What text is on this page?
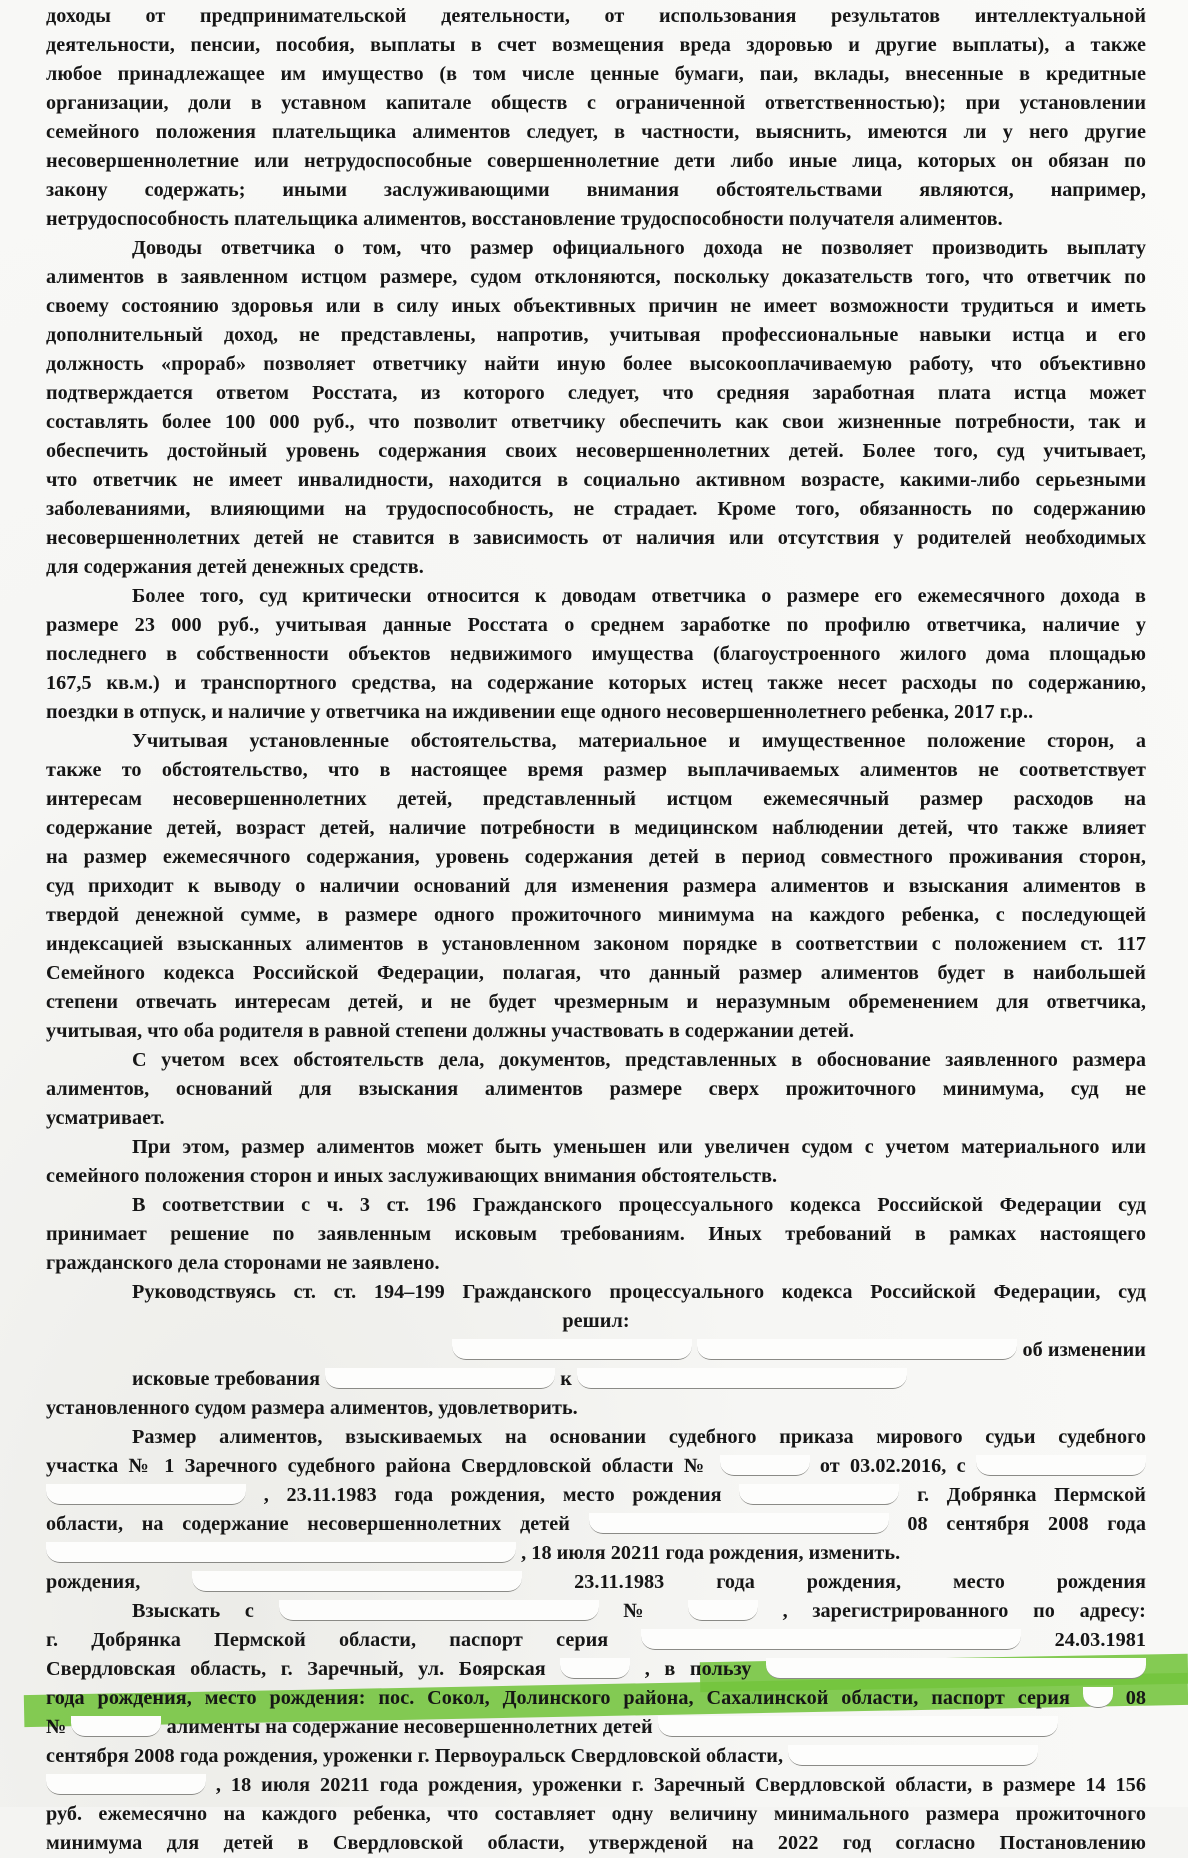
доходы от предпринимательской деятельности, от использования результатов интеллектуальной
деятельности, пенсии, пособия, выплаты в счет возмещения вреда здоровью и другие выплаты), а также
любое принадлежащее им имущество (в том числе ценные бумаги, паи, вклады, внесенные в кредитные
организации, доли в уставном капитале обществ с ограниченной ответственностью); при установлении
семейного положения плательщика алиментов следует, в частности, выяснить, имеются ли у него другие
несовершеннолетние или нетрудоспособные совершеннолетние дети либо иные лица, которых он обязан по
закону содержать; иными заслуживающими внимания обстоятельствами являются, например,
нетрудоспособность плательщика алиментов, восстановление трудоспособности получателя алиментов.
Доводы ответчика о том, что размер официального дохода не позволяет производить выплату
алиментов в заявленном истцом размере, судом отклоняются, поскольку доказательств того, что ответчик по
своему состоянию здоровья или в силу иных объективных причин не имеет возможности трудиться и иметь
дополнительный доход, не представлены, напротив, учитывая профессиональные навыки истца и его
должность «прораб» позволяет ответчику найти иную более высокооплачиваемую работу, что объективно
подтверждается ответом Росстата, из которого следует, что средняя заработная плата истца может
составлять более 100 000 руб., что позволит ответчику обеспечить как свои жизненные потребности, так и
обеспечить достойный уровень содержания своих несовершеннолетних детей. Более того, суд учитывает,
что ответчик не имеет инвалидности, находится в социально активном возрасте, какими-либо серьезными
заболеваниями, влияющими на трудоспособность, не страдает. Кроме того, обязанность по содержанию
несовершеннолетних детей не ставится в зависимость от наличия или отсутствия у родителей необходимых
для содержания детей денежных средств.
Более того, суд критически относится к доводам ответчика о размере его ежемесячного дохода в
размере 23 000 руб., учитывая данные Росстата о среднем заработке по профилю ответчика, наличие у
последнего в собственности объектов недвижимого имущества (благоустроенного жилого дома площадью
167,5 кв.м.) и транспортного средства, на содержание которых истец также несет расходы по содержанию,
поездки в отпуск, и наличие у ответчика на иждивении еще одного несовершеннолетнего ребенка, 2017 г.р..
Учитывая установленные обстоятельства, материальное и имущественное положение сторон, а
также то обстоятельство, что в настоящее время размер выплачиваемых алиментов не соответствует
интересам несовершеннолетних детей, представленный истцом ежемесячный размер расходов на
содержание детей, возраст детей, наличие потребности в медицинском наблюдении детей, что также влияет
на размер ежемесячного содержания, уровень содержания детей в период совместного проживания сторон,
суд приходит к выводу о наличии оснований для изменения размера алиментов и взыскания алиментов в
твердой денежной сумме, в размере одного прожиточного минимума на каждого ребенка, с последующей
индексацией взысканных алиментов в установленном законом порядке в соответствии с положением ст. 117
Семейного кодекса Российской Федерации, полагая, что данный размер алиментов будет в наибольшей
степени отвечать интересам детей, и не будет чрезмерным и неразумным обременением для ответчика,
учитывая, что оба родителя в равной степени должны участвовать в содержании детей.
С учетом всех обстоятельств дела, документов, представленных в обоснование заявленного размера
алиментов, оснований для взыскания алиментов размере сверх прожиточного минимума, суд не
усматривает.
При этом, размер алиментов может быть уменьшен или увеличен судом с учетом материального или
семейного положения сторон и иных заслуживающих внимания обстоятельств.
В соответствии с ч. 3 ст. 196 Гражданского процессуального кодекса Российской Федерации суд
принимает решение по заявленным исковым требованиям. Иных требований в рамках настоящего
гражданского дела сторонами не заявлено.
Руководствуясь ст. ст. 194–199 Гражданского процессуального кодекса Российской Федерации, суд
решил:
об изменении
исковые требования	к
установленного судом размера алиментов, удовлетворить.
Размер алиментов, взыскиваемых на основании судебного приказа мирового судьи судебного
участка № 1 Заречного судебного района Свердловской области №	от 03.02.2016, с
, 23.11.1983 года рождения, место рождения	г. Добрянка Пермской
области, на содержание несовершеннолетних детей	08 сентября 2008 года
, 18 июля 20211 года рождения, изменить.
рождения,	23.11.1983 года рождения, место рождения
Взыскать с	№	, зарегистрированного по адресу:
г. Добрянка Пермской области, паспорт серия	24.03.1981
Свердловская область, г. Заречный, ул. Боярская	, в пользу
года рождения, место рождения: пос. Сокол, Долинского района, Сахалинской области, паспорт серия	08
№	алименты на содержание несовершеннолетних детей
сентября 2008 года рождения, уроженки г. Первоуральск Свердловской области,
, 18 июля 20211 года рождения, уроженки г. Заречный Свердловской области, в размере 14 156
руб. ежемесячно на каждого ребенка, что составляет одну величину минимального размера прожиточного
минимума для детей в Свердловской области, утвержденой на 2022 год согласно Постановлению
